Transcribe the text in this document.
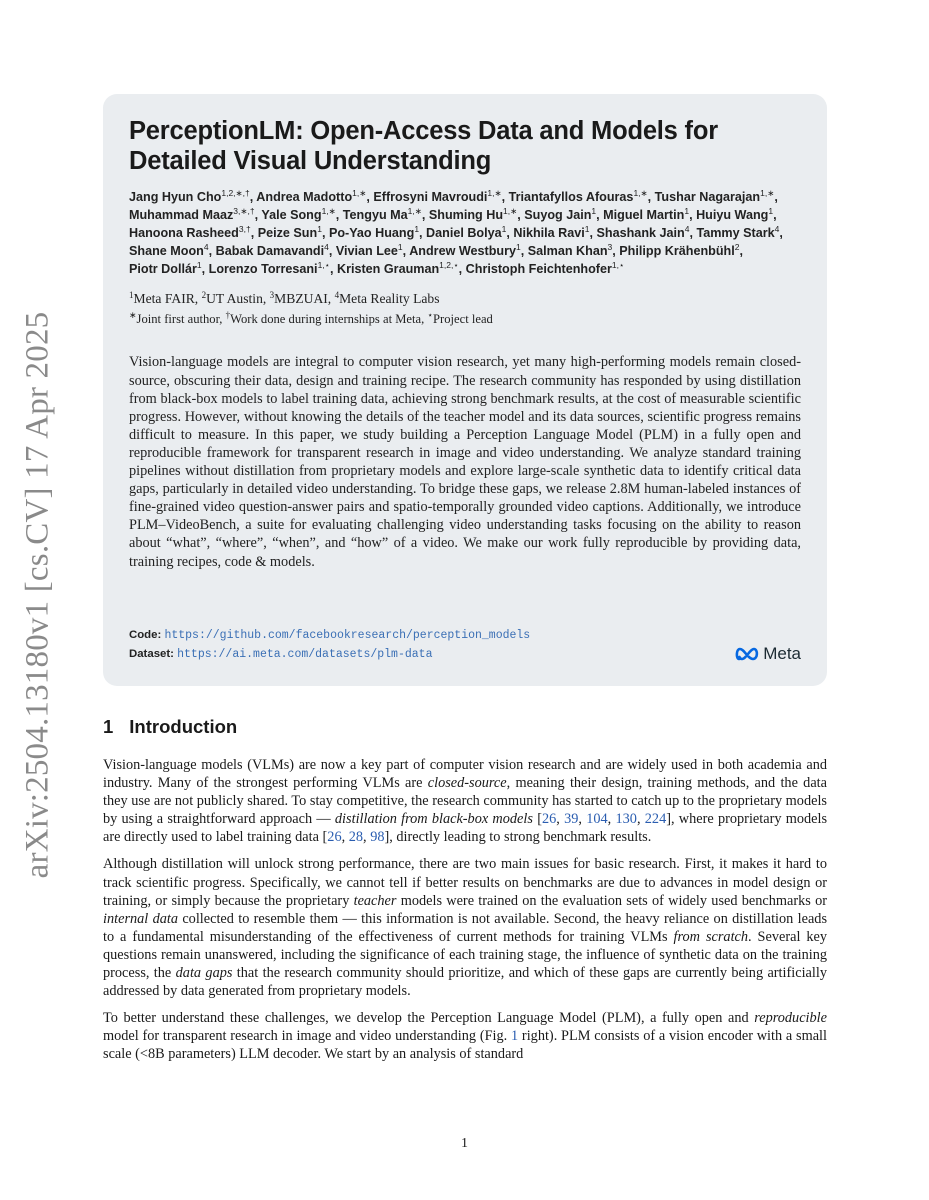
arXiv:2504.13180v1 [cs.CV] 17 Apr 2025
PerceptionLM: Open-Access Data and Models for Detailed Visual Understanding
Jang Hyun Cho$^{1,2,∗,\dagger}$, Andrea Madotto$^{1,∗}$, Effrosyni Mavroudi$^{1,∗}$, Triantafyllos Afouras$^{1,∗}$, Tushar Nagarajan$^{1,∗}$, Muhammad Maaz$^{3,∗,\dagger}$, Yale Song$^{1,∗}$, Tengyu $Ma^{1,∗}$, Shuming $Hu^{1,∗}$, Suyog Jain$^1$, Miguel Martin$^1$, Huiyu Wang$^1$, Hanoona Rasheed$^{3,\dagger}$, Peize Sun$^1$, Po-Yao Huang$^1$, Daniel Bolya$^1$, Nikhila Ravi$^1$, Shashank Jain$^4$, Tammy Stark$^4$, Shane Moon$^4$, Babak Damavandi$^4$, Vivian Lee$^1$, Andrew Westbury$^1$, Salman Khan$^3$, Philipp Krähenbühl$^2$, Piotr Dollár$^1$, Lorenzo Torresani$^{1,⋆}$, Kristen Grauman$^{1,2,⋆}$, Christoph Feichtenhofer$^{1,⋆}$
$^1$Meta FAIR, $^2$UT Austin, $^3$MBZUAI, $^4$Meta Reality Labs
∗Joint first author, †Work done during internships at Meta, ⋆Project lead

Vision-language models are integral to computer vision research, yet many high-performing models remain closed-source, obscuring their data, design and training recipe. The research community has responded by using distillation from black-box models to label training data, achieving strong benchmark results, at the cost of measurable scientific progress. However, without knowing the details of the teacher model and its data sources, scientific progress remains difficult to measure. In this paper, we study building a Perception Language Model (PLM) in a fully open and reproducible framework for transparent research in image and video understanding. We analyze standard training pipelines without distillation from proprietary models and explore large-scale synthetic data to identify critical data gaps, particularly in detailed video understanding. To bridge these gaps, we release 2.8M human-labeled instances of fine-grained video question-answer pairs and spatio-temporally grounded video captions. Additionally, we introduce PLM–VideoBench, a suite for evaluating challenging video understanding tasks focusing on the ability to reason about “what”, “where”, “when”, and “how” of a video. We make our work fully reproducible by providing data, training recipes, code & models.

Code: https://github.com/facebookresearch/perception_models
Dataset: https://ai.meta.com/datasets/plm-data	Meta
1 Introduction

Vision-language models (VLMs) are now a key part of computer vision research and are widely used in both academia and industry. Many of the strongest performing VLMs are closed-source, meaning their design, training methods, and the data they use are not publicly shared. To stay competitive, the research community has started to catch up to the proprietary models by using a straightforward approach — distillation from black-box models [26, 39, 104, 130, 224], where proprietary models are directly used to label training data [26, 28, 98], directly leading to strong benchmark results.

Although distillation will unlock strong performance, there are two main issues for basic research. First, it makes it hard to track scientific progress. Specifically, we cannot tell if better results on benchmarks are due to advances in model design or training, or simply because the proprietary teacher models were trained on the evaluation sets of widely used benchmarks or internal data collected to resemble them — this information is not available. Second, the heavy reliance on distillation leads to a fundamental misunderstanding of the effectiveness of current methods for training VLMs from scratch. Several key questions remain unanswered, including the significance of each training stage, the influence of synthetic data on the training process, the data gaps that the research community should prioritize, and which of these gaps are currently being artificially addressed by data generated from proprietary models.

To better understand these challenges, we develop the Perception Language Model (PLM), a fully open and reproducible model for transparent research in image and video understanding (Fig. 1 right). PLM consists of a vision encoder with a small scale (<8B parameters) LLM decoder. We start by an analysis of standard

1
